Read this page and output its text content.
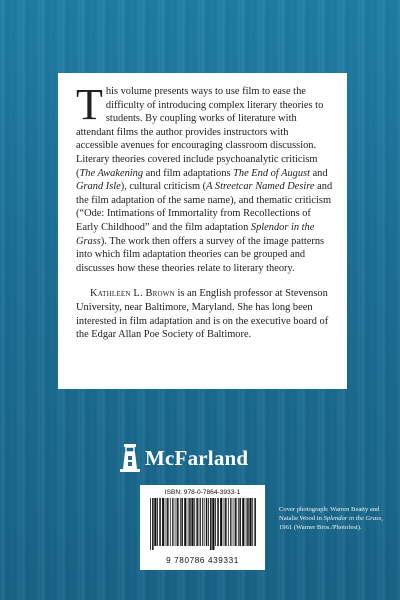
This volume presents ways to use film to ease the difficulty of introducing complex literary theories to students. By coupling works of literature with attendant films the author provides instructors with accessible avenues for encouraging classroom discussion. Literary theories covered include psychoanalytic criticism (The Awakening and film adaptations The End of August and Grand Isle), cultural criticism (A Streetcar Named Desire and the film adaptation of the same name), and thematic criticism (“Ode: Intimations of Immortality from Recollections of Early Childhood” and the film adaptation Splendor in the Grass). The work then offers a survey of the image patterns into which film adaptation theories can be grouped and discusses how these theories relate to literary theory.

Kathleen L. Brown is an English professor at Stevenson University, near Baltimore, Maryland. She has long been interested in film adaptation and is on the executive board of the Edgar Allan Poe Society of Baltimore.

McFarland
ISBN: 978-0-7864-3933-1
9 780786 439331
Cover photograph: Warren Beatty and Natalie Wood in Splendor in the Grass, 1961 (Warner Bros./Photofest).
